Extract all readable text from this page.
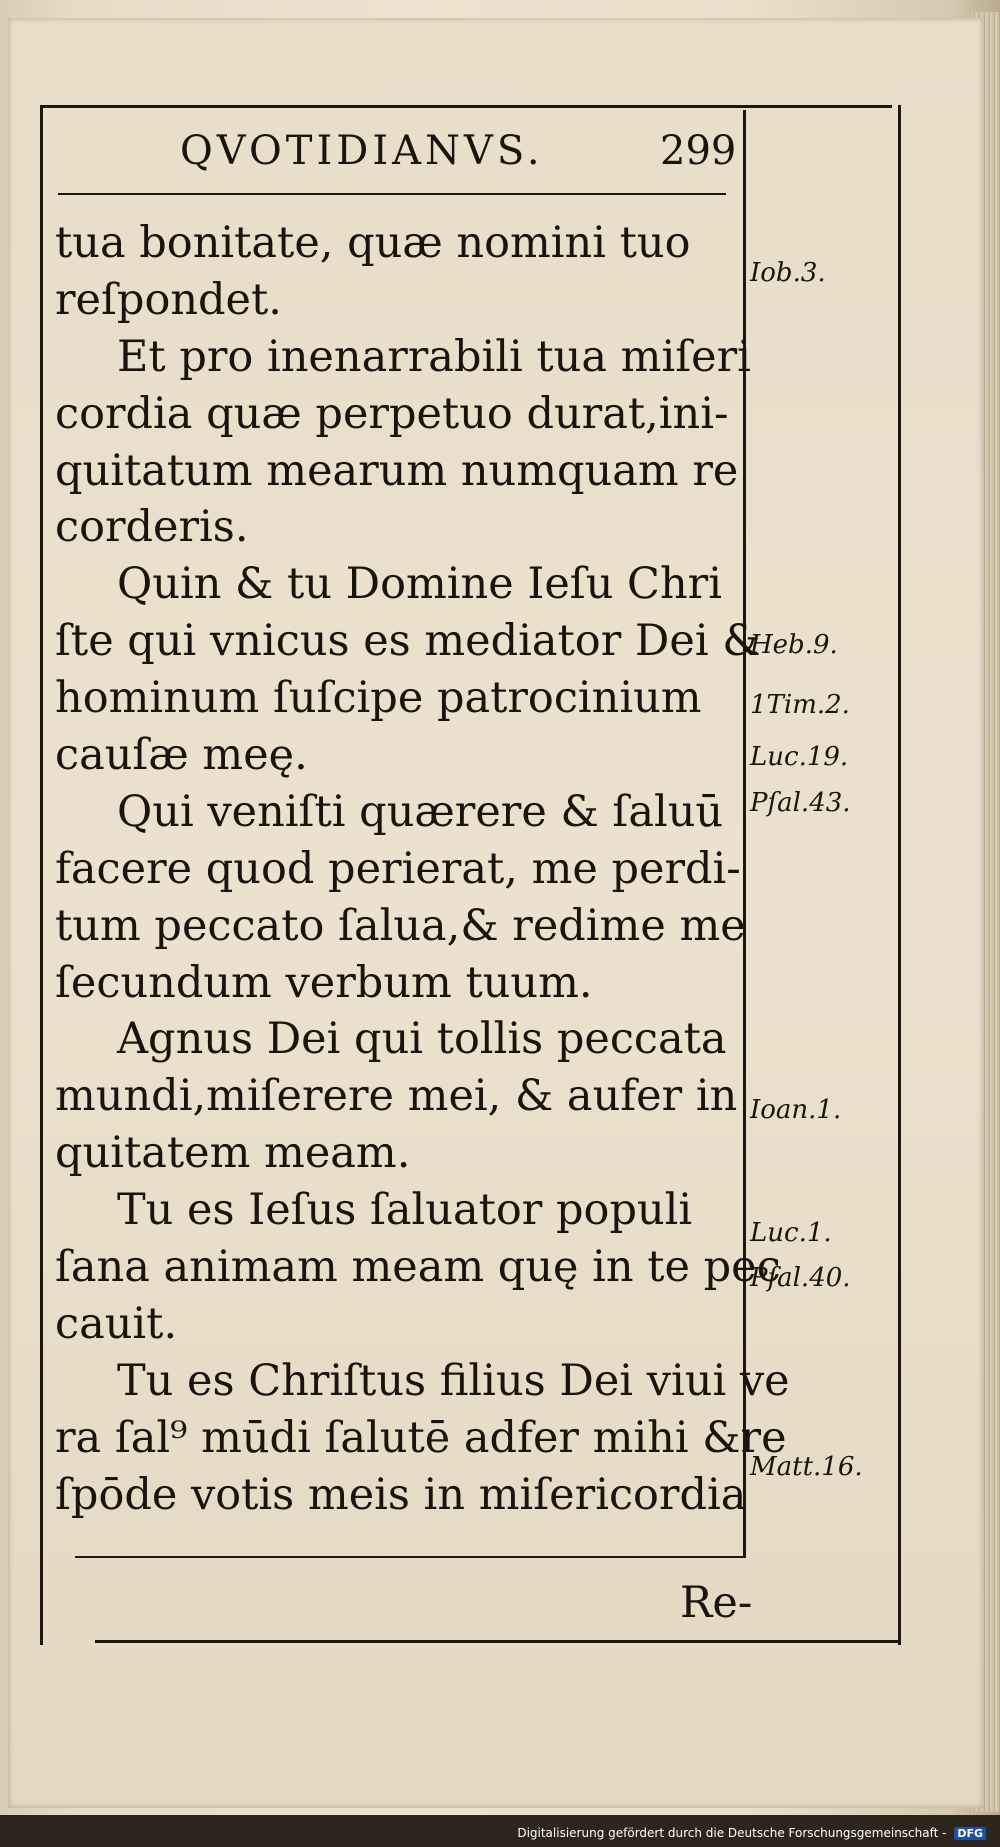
QVOTIDIANVS.	299
tua bonitate, quæ nomini tuo
reſpondet.
Et pro inenarrabili tua miſeri
cordia quæ perpetuo durat,ini-
quitatum mearum numquam re
corderis.
Quin & tu Domine Ieſu Chri
ſte qui vnicus es mediator Dei &
hominum ſuſcipe patrocinium
cauſæ meę.
Qui veniſti quærere & ſaluū
facere quod perierat, me perdi-
tum peccato ſalua,& redime me
ſecundum verbum tuum.
Agnus Dei qui tollis peccata
mundi,miſerere mei, & aufer in
quitatem meam.
Tu es Ieſus ſaluator populi
ſana animam meam quę in te pec
cauit.
Tu es Chriſtus filius Dei viui ve
ra ſal⁹ mūdi ſalutē adfer mihi &re
ſpōde votis meis in miſericordia
Iob.3.
Heb.9.
1Tim.2.
Luc.19.
Pſal.43.
Ioan.1.
Luc.1.
Pſal.40.
Matt.16.
Re-
Digitalisierung gefördert durch die Deutsche Forschungsgemeinschaft - DFG
